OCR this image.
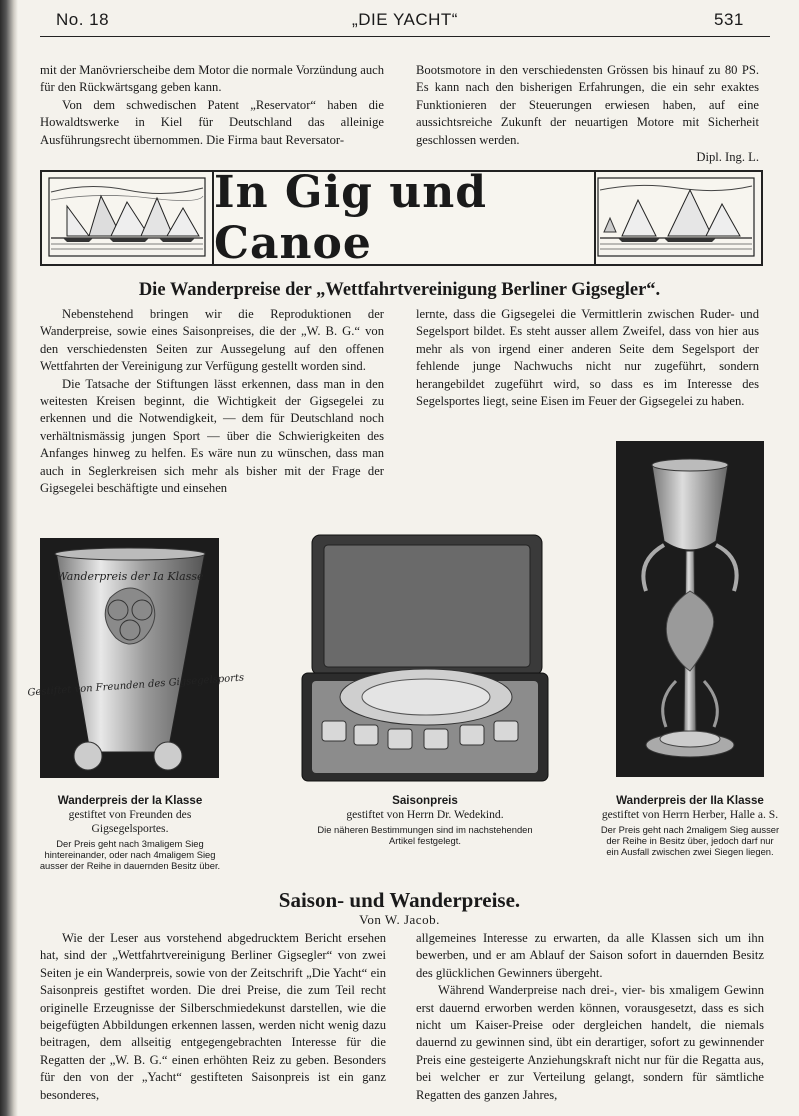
No. 18	„DIE YACHT“	531

mit der Manövrierscheibe dem Motor die normale Vorzündung auch für den Rückwärtsgang geben kann.

Von dem schwedischen Patent „Reservator“ haben die Howaldtswerke in Kiel für Deutschland das alleinige Ausführungsrecht übernommen. Die Firma baut Reversator-

Bootsmotore in den verschiedensten Grössen bis hinauf zu 80 PS. Es kann nach den bisherigen Erfahrungen, die ein sehr exaktes Funktionieren der Steuerungen erwiesen haben, auf eine aussichtsreiche Zukunft der neuartigen Motore mit Sicherheit geschlossen werden.
Dipl. Ing. L.

In Gig und Canoe
Die Wanderpreise der „Wettfahrtvereinigung Berliner Gigsegler“.

Nebenstehend bringen wir die Reproduktionen der Wanderpreise, sowie eines Saisonpreises, die der „W. B. G.“ von den verschiedensten Seiten zur Aussegelung auf den offenen Wettfahrten der Vereinigung zur Verfügung gestellt worden sind.

Die Tatsache der Stiftungen lässt erkennen, dass man in den weitesten Kreisen beginnt, die Wichtigkeit der Gigsegelei zu erkennen und die Notwendigkeit, — dem für Deutschland noch verhältnismässig jungen Sport — über die Schwierigkeiten des Anfanges hinweg zu helfen. Es wäre nun zu wünschen, dass man auch in Seglerkreisen sich mehr als bisher mit der Frage der Gigsegelei beschäftigte und einsehen

lernte, dass die Gigsegelei die Vermittlerin zwischen Ruder- und Segelsport bildet. Es steht ausser allem Zweifel, dass von hier aus mehr als von irgend einer anderen Seite dem Segelsport der fehlende junge Nachwuchs nicht nur zugeführt, sondern herangebildet zugeführt wird, so dass es im Interesse des Segelsportes liegt, seine Eisen im Feuer der Gigsegelei zu haben.

Wanderpreis der Ia Klasse
Gestiftet von Freunden des Gigsegelsports
Wanderpreis der Ia Klasse
gestiftet von Freunden des Gigsegelsportes.
Der Preis geht nach 3maligem Sieg hintereinander, oder nach 4maligem Sieg ausser der Reihe in dauernden Besitz über.
Saisonpreis
gestiftet von Herrn Dr. Wedekind.
Die näheren Bestimmungen sind im nachstehenden Artikel festgelegt.
Wanderpreis der IIa Klasse
gestiftet von Herrn Herber, Halle a. S.
Der Preis geht nach 2maligem Sieg ausser der Reihe in Besitz über, jedoch darf nur ein Ausfall zwischen zwei Siegen liegen.
Saison- und Wanderpreise.
Von W. Jacob.

Wie der Leser aus vorstehend abgedrucktem Bericht ersehen hat, sind der „Wettfahrtvereinigung Berliner Gigsegler“ von zwei Seiten je ein Wanderpreis, sowie von der Zeitschrift „Die Yacht“ ein Saisonpreis gestiftet worden. Die drei Preise, die zum Teil recht originelle Erzeugnisse der Silberschmiedekunst darstellen, wie die beigefügten Abbildungen erkennen lassen, werden nicht wenig dazu beitragen, dem allseitig entgegengebrachten Interesse für die Regatten der „W. B. G.“ einen erhöhten Reiz zu geben. Besonders für den von der „Yacht“ gestifteten Saisonpreis ist ein ganz besonderes,

allgemeines Interesse zu erwarten, da alle Klassen sich um ihn bewerben, und er am Ablauf der Saison sofort in dauernden Besitz des glücklichen Gewinners übergeht.

Während Wanderpreise nach drei-, vier- bis xmaligem Gewinn erst dauernd erworben werden können, vorausgesetzt, dass es sich nicht um Kaiser-Preise oder dergleichen handelt, die niemals dauernd zu gewinnen sind, übt ein derartiger, sofort zu gewinnender Preis eine gesteigerte Anziehungskraft nicht nur für die Regatta aus, bei welcher er zur Verteilung gelangt, sondern für sämtliche Regatten des ganzen Jahres,
